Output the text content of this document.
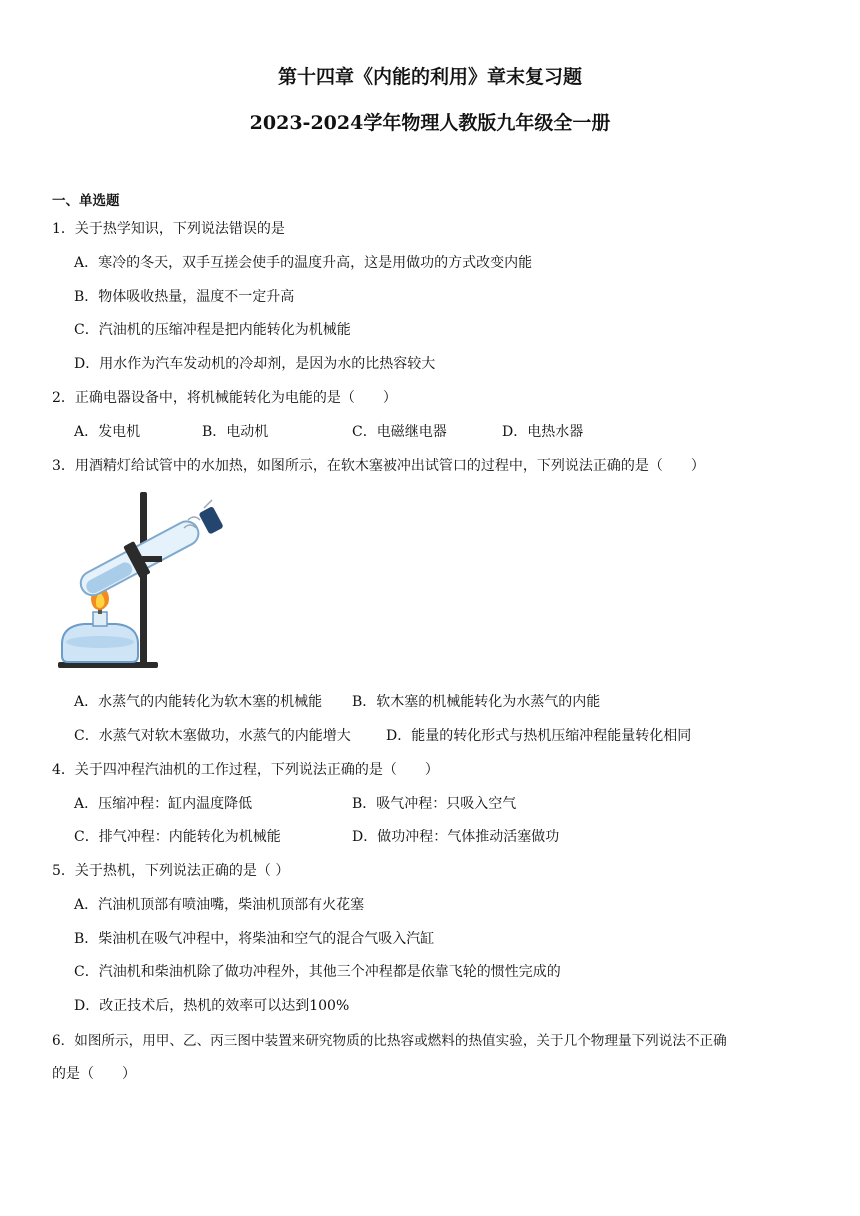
第十四章《内能的利用》章末复习题
2023-2024学年物理人教版九年级全一册
一、单选题
1．关于热学知识，下列说法错误的是
A．寒冷的冬天，双手互搓会使手的温度升高，这是用做功的方式改变内能
B．物体吸收热量，温度不一定升高
C．汽油机的压缩冲程是把内能转化为机械能
D．用水作为汽车发动机的冷却剂，是因为水的比热容较大
2．正确电器设备中，将机械能转化为电能的是（　　）
A．发电机	B．电动机	C．电磁继电器	D．电热水器
3．用酒精灯给试管中的水加热，如图所示，在软木塞被冲出试管口的过程中，下列说法正确的是（　　）
A．水蒸气的内能转化为软木塞的机械能 B．软木塞的机械能转化为水蒸气的内能
C．水蒸气对软木塞做功，水蒸气的内能增大	D．能量的转化形式与热机压缩冲程能量转化相同
4．关于四冲程汽油机的工作过程，下列说法正确的是（　　）
A．压缩冲程：缸内温度降低	B．吸气冲程：只吸入空气
C．排气冲程：内能转化为机械能	D．做功冲程：气体推动活塞做功
5．关于热机，下列说法正确的是（ ）
A．汽油机顶部有喷油嘴，柴油机顶部有火花塞
B．柴油机在吸气冲程中，将柴油和空气的混合气吸入汽缸
C．汽油机和柴油机除了做功冲程外，其他三个冲程都是依靠飞轮的惯性完成的
D．改正技术后，热机的效率可以达到100%
6．如图所示，用甲、乙、丙三图中装置来研究物质的比热容或燃料的热值实验，关于几个物理量下列说法不正确
的是（　　）
